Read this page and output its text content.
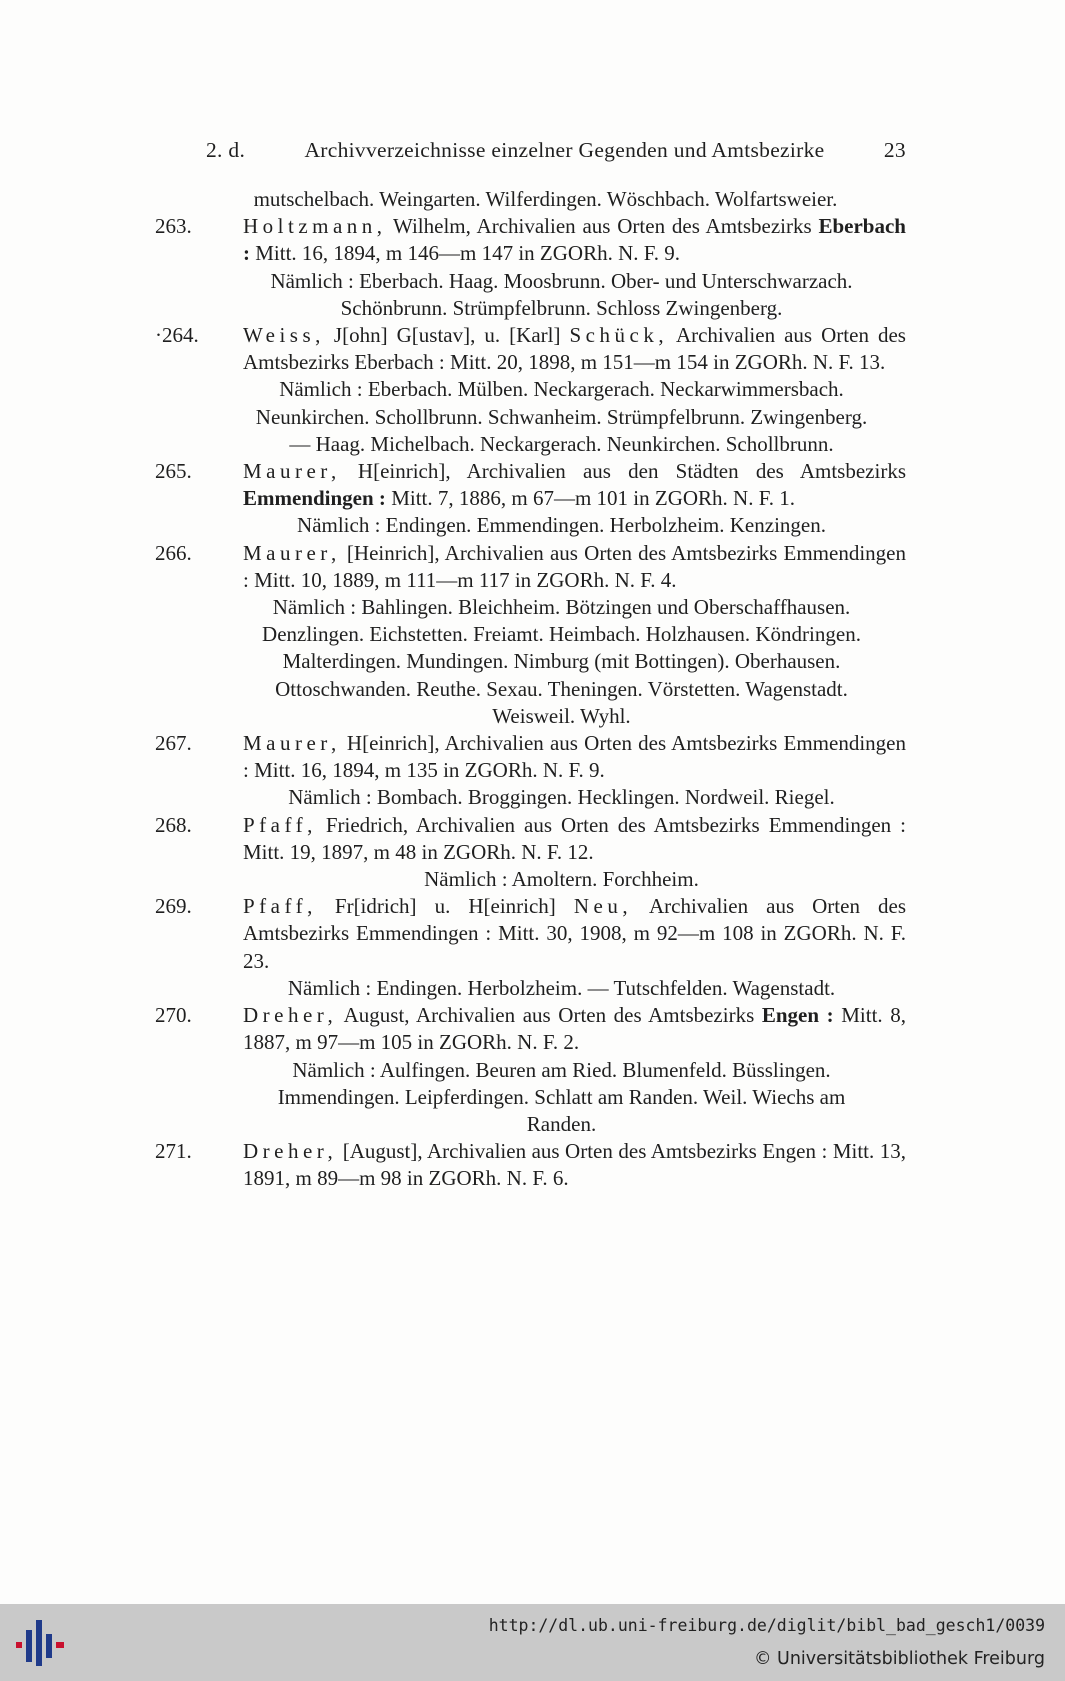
2. d.	Archivverzeichnisse einzelner Gegenden und Amtsbezirke	23
mutschelbach. Weingarten. Wilferdingen. Wöschbach. Wolfartsweier.
263. Holtzmann, Wilhelm, Archivalien aus Orten des Amtsbezirks Eberbach : Mitt. 16, 1894, m 146—m 147 in ZGORh. N. F. 9.
Nämlich : Eberbach. Haag. Moosbrunn. Ober- und Unterschwarzach. Schönbrunn. Strümpfelbrunn. Schloss Zwingenberg.
·264. Weiss, J[ohn] G[ustav], u. [Karl] Schück, Archivalien aus Orten des Amtsbezirks Eberbach : Mitt. 20, 1898, m 151—m 154 in ZGORh. N. F. 13.
Nämlich : Eberbach. Mülben. Neckargerach. Neckarwimmersbach. Neunkirchen. Schollbrunn. Schwanheim. Strümpfelbrunn. Zwingenberg. — Haag. Michelbach. Neckargerach. Neunkirchen. Schollbrunn.
265. Maurer, H[einrich], Archivalien aus den Städten des Amtsbezirks Emmendingen : Mitt. 7, 1886, m 67—m 101 in ZGORh. N. F. 1.
Nämlich : Endingen. Emmendingen. Herbolzheim. Kenzingen.
266. Maurer, [Heinrich], Archivalien aus Orten des Amtsbezirks Emmendingen : Mitt. 10, 1889, m 111—m 117 in ZGORh. N. F. 4.
Nämlich : Bahlingen. Bleichheim. Bötzingen und Oberschaffhausen. Denzlingen. Eichstetten. Freiamt. Heimbach. Holzhausen. Köndringen. Malterdingen. Mundingen. Nimburg (mit Bottingen). Oberhausen. Ottoschwanden. Reuthe. Sexau. Theningen. Vörstetten. Wagenstadt. Weisweil. Wyhl.
267. Maurer, H[einrich], Archivalien aus Orten des Amtsbezirks Emmendingen : Mitt. 16, 1894, m 135 in ZGORh. N. F. 9.
Nämlich : Bombach. Broggingen. Hecklingen. Nordweil. Riegel.
268. Pfaff, Friedrich, Archivalien aus Orten des Amtsbezirks Emmendingen : Mitt. 19, 1897, m 48 in ZGORh. N. F. 12.
Nämlich : Amoltern. Forchheim.
269. Pfaff, Fr[idrich] u. H[einrich] Neu, Archivalien aus Orten des Amtsbezirks Emmendingen : Mitt. 30, 1908, m 92—m 108 in ZGORh. N. F. 23.
Nämlich : Endingen. Herbolzheim. — Tutschfelden. Wagenstadt.
270. Dreher, August, Archivalien aus Orten des Amtsbezirks Engen : Mitt. 8, 1887, m 97—m 105 in ZGORh. N. F. 2.
Nämlich : Aulfingen. Beuren am Ried. Blumenfeld. Büsslingen. Immendingen. Leipferdingen. Schlatt am Randen. Weil. Wiechs am Randen.
271. Dreher, [August], Archivalien aus Orten des Amtsbezirks Engen : Mitt. 13, 1891, m 89—m 98 in ZGORh. N. F. 6.
http://dl.ub.uni-freiburg.de/diglit/bibl_bad_gesch1/0039
© Universitätsbibliothek Freiburg
